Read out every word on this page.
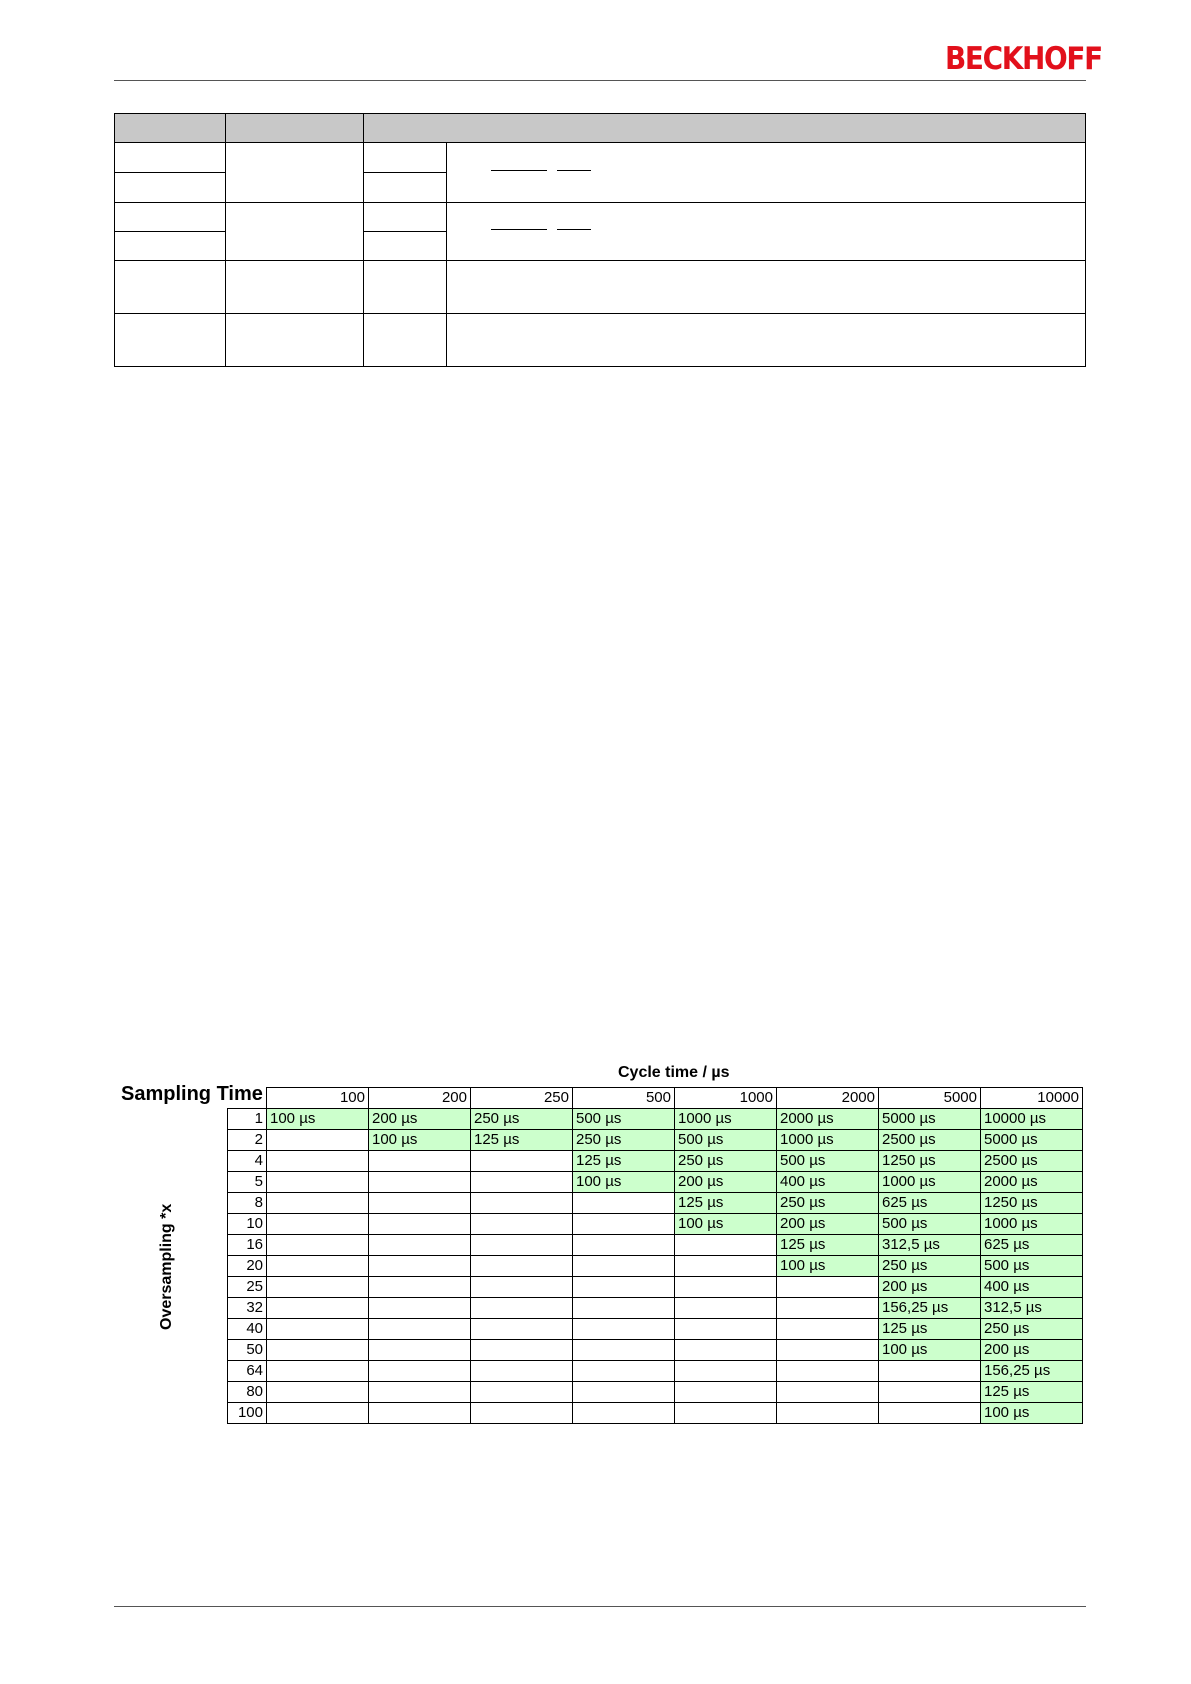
BECKHOFF
Cycle time / µs
Sampling Time
Oversampling *x
	100	200	250	500	1000	2000	5000	10000
1	100 µs	200 µs	250 µs	500 µs	1000 µs	2000 µs	5000 µs	10000 µs
2		100 µs	125 µs	250 µs	500 µs	1000 µs	2500 µs	5000 µs
4				125 µs	250 µs	500 µs	1250 µs	2500 µs
5				100 µs	200 µs	400 µs	1000 µs	2000 µs
8					125 µs	250 µs	625 µs	1250 µs
10					100 µs	200 µs	500 µs	1000 µs
16						125 µs	312,5 µs	625 µs
20						100 µs	250 µs	500 µs
25							200 µs	400 µs
32							156,25 µs	312,5 µs
40							125 µs	250 µs
50							100 µs	200 µs
64								156,25 µs
80								125 µs
100								100 µs
